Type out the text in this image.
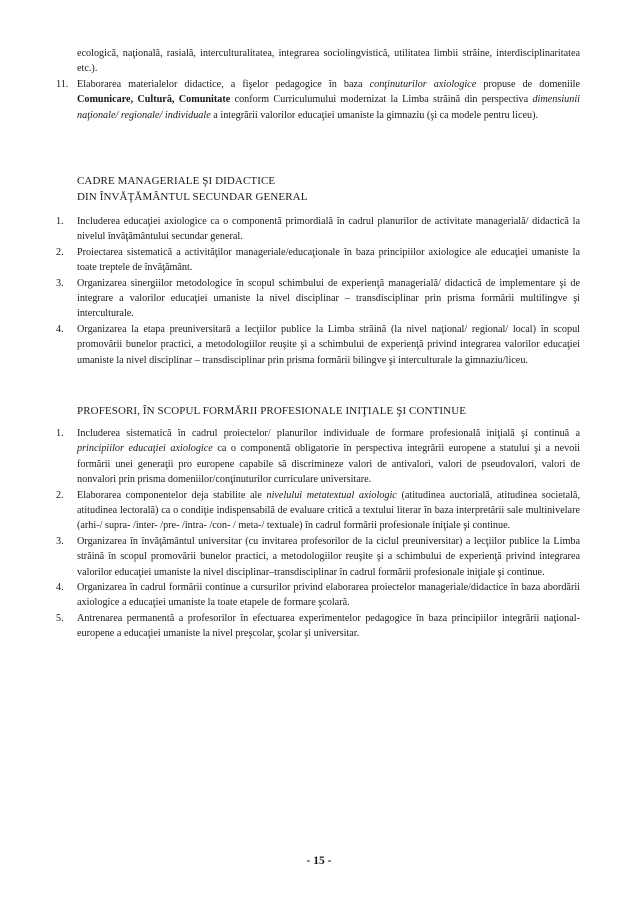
ecologică, naţională, rasială, interculturalitatea, integrarea sociolingvistică, utilitatea limbii străine, interdisciplinaritatea etc.).
11. Elaborarea materialelor didactice, a fişelor pedagogice în baza conţinuturilor axiologice propuse de domeniile Comunicare, Cultură, Comunitate conform Curriculumului modernizat la Limba străină din perspectiva dimensiunii naţionale/ regionale/ individuale a integrării valorilor educaţiei umaniste la gimnaziu (şi ca modele pentru liceu).
CADRE MANAGERIALE ŞI DIDACTICE
DIN ÎNVĂŢĂMÂNTUL SECUNDAR GENERAL
1. Includerea educaţiei axiologice ca o componentă primordială în cadrul planurilor de activitate managerială/ didactică la nivelul învăţământului secundar general.
2. Proiectarea sistematică a activităţilor manageriale/educaţionale în baza principiilor axiologice ale educaţiei umaniste la toate treptele de învăţământ.
3. Organizarea sinergiilor metodologice în scopul schimbului de experienţă managerială/ didactică de implementare şi de integrare a valorilor educaţiei umaniste la nivel disciplinar – transdisciplinar prin prisma formării multilingve şi interculturale.
4. Organizarea la etapa preuniversitară a lecţiilor publice la Limba străină (la nivel naţional/ regional/ local) în scopul promovării bunelor practici, a metodologiilor reuşite şi a schimbului de experienţă privind integrarea valorilor educaţiei umaniste la nivel disciplinar – transdisciplinar prin prisma formării bilingve şi interculturale la gimnaziu/liceu.
PROFESORI, ÎN SCOPUL FORMĂRII PROFESIONALE INIŢIALE ŞI CONTINUE
1. Includerea sistematică în cadrul proiectelor/ planurilor individuale de formare profesională iniţială şi continuă a principiilor educaţiei axiologice ca o componentă obligatorie în perspectiva integrării europene a statului şi a nevoii formării unei generaţii pro europene capabile să discrimineze valori de antivalori, valori de pseudovalori, valori de nonvalori prin prisma domeniilor/conţinuturilor curriculare universitare.
2. Elaborarea componentelor deja stabilite ale nivelului metatextual axiologic (atitudinea auctorială, atitudinea societală, atitudinea lectorală) ca o condiţie indispensabilă de evaluare critică a textului literar în baza interpretării sale multinivelare (arhi-/ supra- /inter- /pre- /intra- /con- / meta-/ textuale) în cadrul formării profesionale iniţiale şi continue.
3. Organizarea în învăţământul universitar (cu invitarea profesorilor de la ciclul preuniversitar) a lecţiilor publice la Limba străină în scopul promovării bunelor practici, a metodologiilor reuşite şi a schimbului de experienţă privind integrarea valorilor educaţiei umaniste la nivel disciplinar–transdisciplinar în cadrul formării profesionale iniţiale şi continue.
4. Organizarea în cadrul formării continue a cursurilor privind elaborarea proiectelor manageriale/didactice în baza abordării axiologice a educaţiei umaniste la toate etapele de formare şcolară.
5. Antrenarea permanentă a profesorilor în efectuarea experimentelor pedagogice în baza principiilor integrării naţional-europene a educaţiei umaniste la nivel preşcolar, şcolar şi universitar.
- 15 -
